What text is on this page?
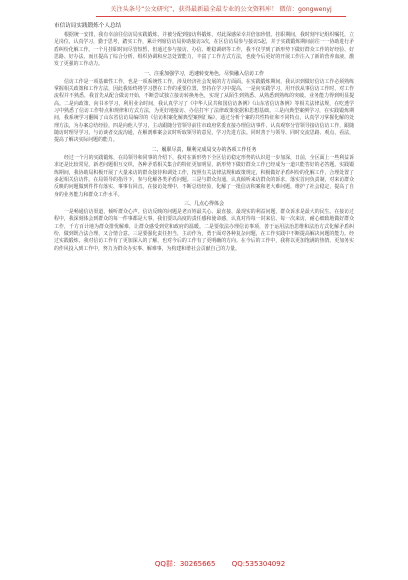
关注头条号“公文研究”，获得最新最全最专业的公文资料库！ 微信：gongwenyj
市信访局实践锻炼个人总结

根据统一安排，我有幸前往信访局实践锻炼，并被分配到接访科锻炼，对此深感荣幸并倍加珍惜。挂职期间，我时刻牢记组织嘱托，立足岗位，认真学习，勤于思考，踏实工作，累计列席信访局协助接访3次，在区信访局参与接访5起，并于实践锻炼期间前往一一协助进行矛盾纠纷化解工作。一个月挂职时间尽管短暂，但通过参与接访、办信、维稳调研等工作，我不仅学到了新形势下做好群众工作的好经验、好思路、好办法，而且提高了综合分析、组织协调和应急处置能力，丰富了工作方式方法，也使今后更好的开展工作注入了新的营养血液，激发了更强的工作动力。

一、注重加强学习，迅速转变角色，尽快融入信访工作

信访工作是一项基础性工作，也是一项系统性工作，涉及经济社会发展的方方面面。在实践锻炼期间，我认识到做好信访工作必须熟练掌握相关政策和工作方法，因此我始终将学习摆在工作的重要位置，坚持在学习中提高，一是向实践学习，用开放从事信访工作时，对工作流程并不熟悉，我首先从配合做访开始，不断尝试独立接访转换角色，实现了从陌生到熟悉、从熟悉到熟练的突破。业务能力得到明显提高。二是向政策、向书本学习，利用业余时间，我认真学习了《中华人民共和国信访条例》《山东省信访条例》等相关法律法规，在吃透学习中熟悉了信访工作特点和规律和方式方法，为更好地接访、办信打牢了法律政策依据和思想基础。三是向典型案例学习，在实践锻炼期间，我系统学习翻阅了山东省信访局编印的《信访积案化解典型案例汇编》，通过分析个案的共性特征和不同特点，认真学习掌握化解的处理方法，为办案总结经验，四是向他人学习，主动跟随分管领导前往市政府常委直接办理信访事件，认真观察分管领导接访信访工作，跟随随访时理导学习，与访谈者交流沟通，在解剖难案会议时听取领导的意见，学习先进方法。同时善于与领导、同时交流思路、观点，看法，提高了解决实际问题的能力。

二、履职尽责，顺利完成局交办的各项工作任务

经过一个月的实践锻炼，在局领导和同事的介绍下，我对在新形势下全区信访稳定形势的认识进一步加深，日前，全区面上一些利益诉求还是比较常见，新老问题相互交织，各种矛盾相关集合的特征更加明显，新形势下做好群众工作已经成为一道只能答好的必答题。实践锻炼期间，我协助局积极开展了大量来访的群众接待和调处工作，按照有关法律法规和政策规定，积极做好矛盾纠纷的化解工作，合理处置了多起相关信访件。在局领导的指导下，参与化解各类矛盾问题。三是与群众沟通，认真倾听来访群众的诉求，落实首问负责制，对来访群众反映的问题做到件件有落实、事事有回音。在接访处理中，不断总结经验，化解了一批信访积案和老大难问题，维护了社会稳定，提高了自身的业务能力和群众工作水平。

三、几点心得体会

一是畅通信访渠道，倾听群众心声。信访反映的问题是老百姓最关心、最直接、最现实的利益问题，群众诉求是最大的民生。在接访过程中，我深刻体会到群众的每一件事都是大事，我们要以高度的责任感和使命感，认真对待每一封来信、每一次来访，耐心细致地做好群众工作，千方百计地为群众排忧解难，让群众感受到党和政府的温暖。二是要依法办理信访事项，善于运用法治思维和法治方式化解矛盾纠纷，做到既合法合理，又合情合意。三是要强化责任担当，主动作为，勇于面对各种复杂问题，在工作实践中不断提高解决问题的能力。经过实践锻炼，我对信访工作有了更加深入的了解，也对今后的工作有了更明确的方向。在今后的工作中，我将以更加饱满的热情、更加务实的作风投入到工作中，努力为群众办实事、解难事，为构建和谐社会贡献自己的力量。

QQ群：30265665 QQ:535304092
